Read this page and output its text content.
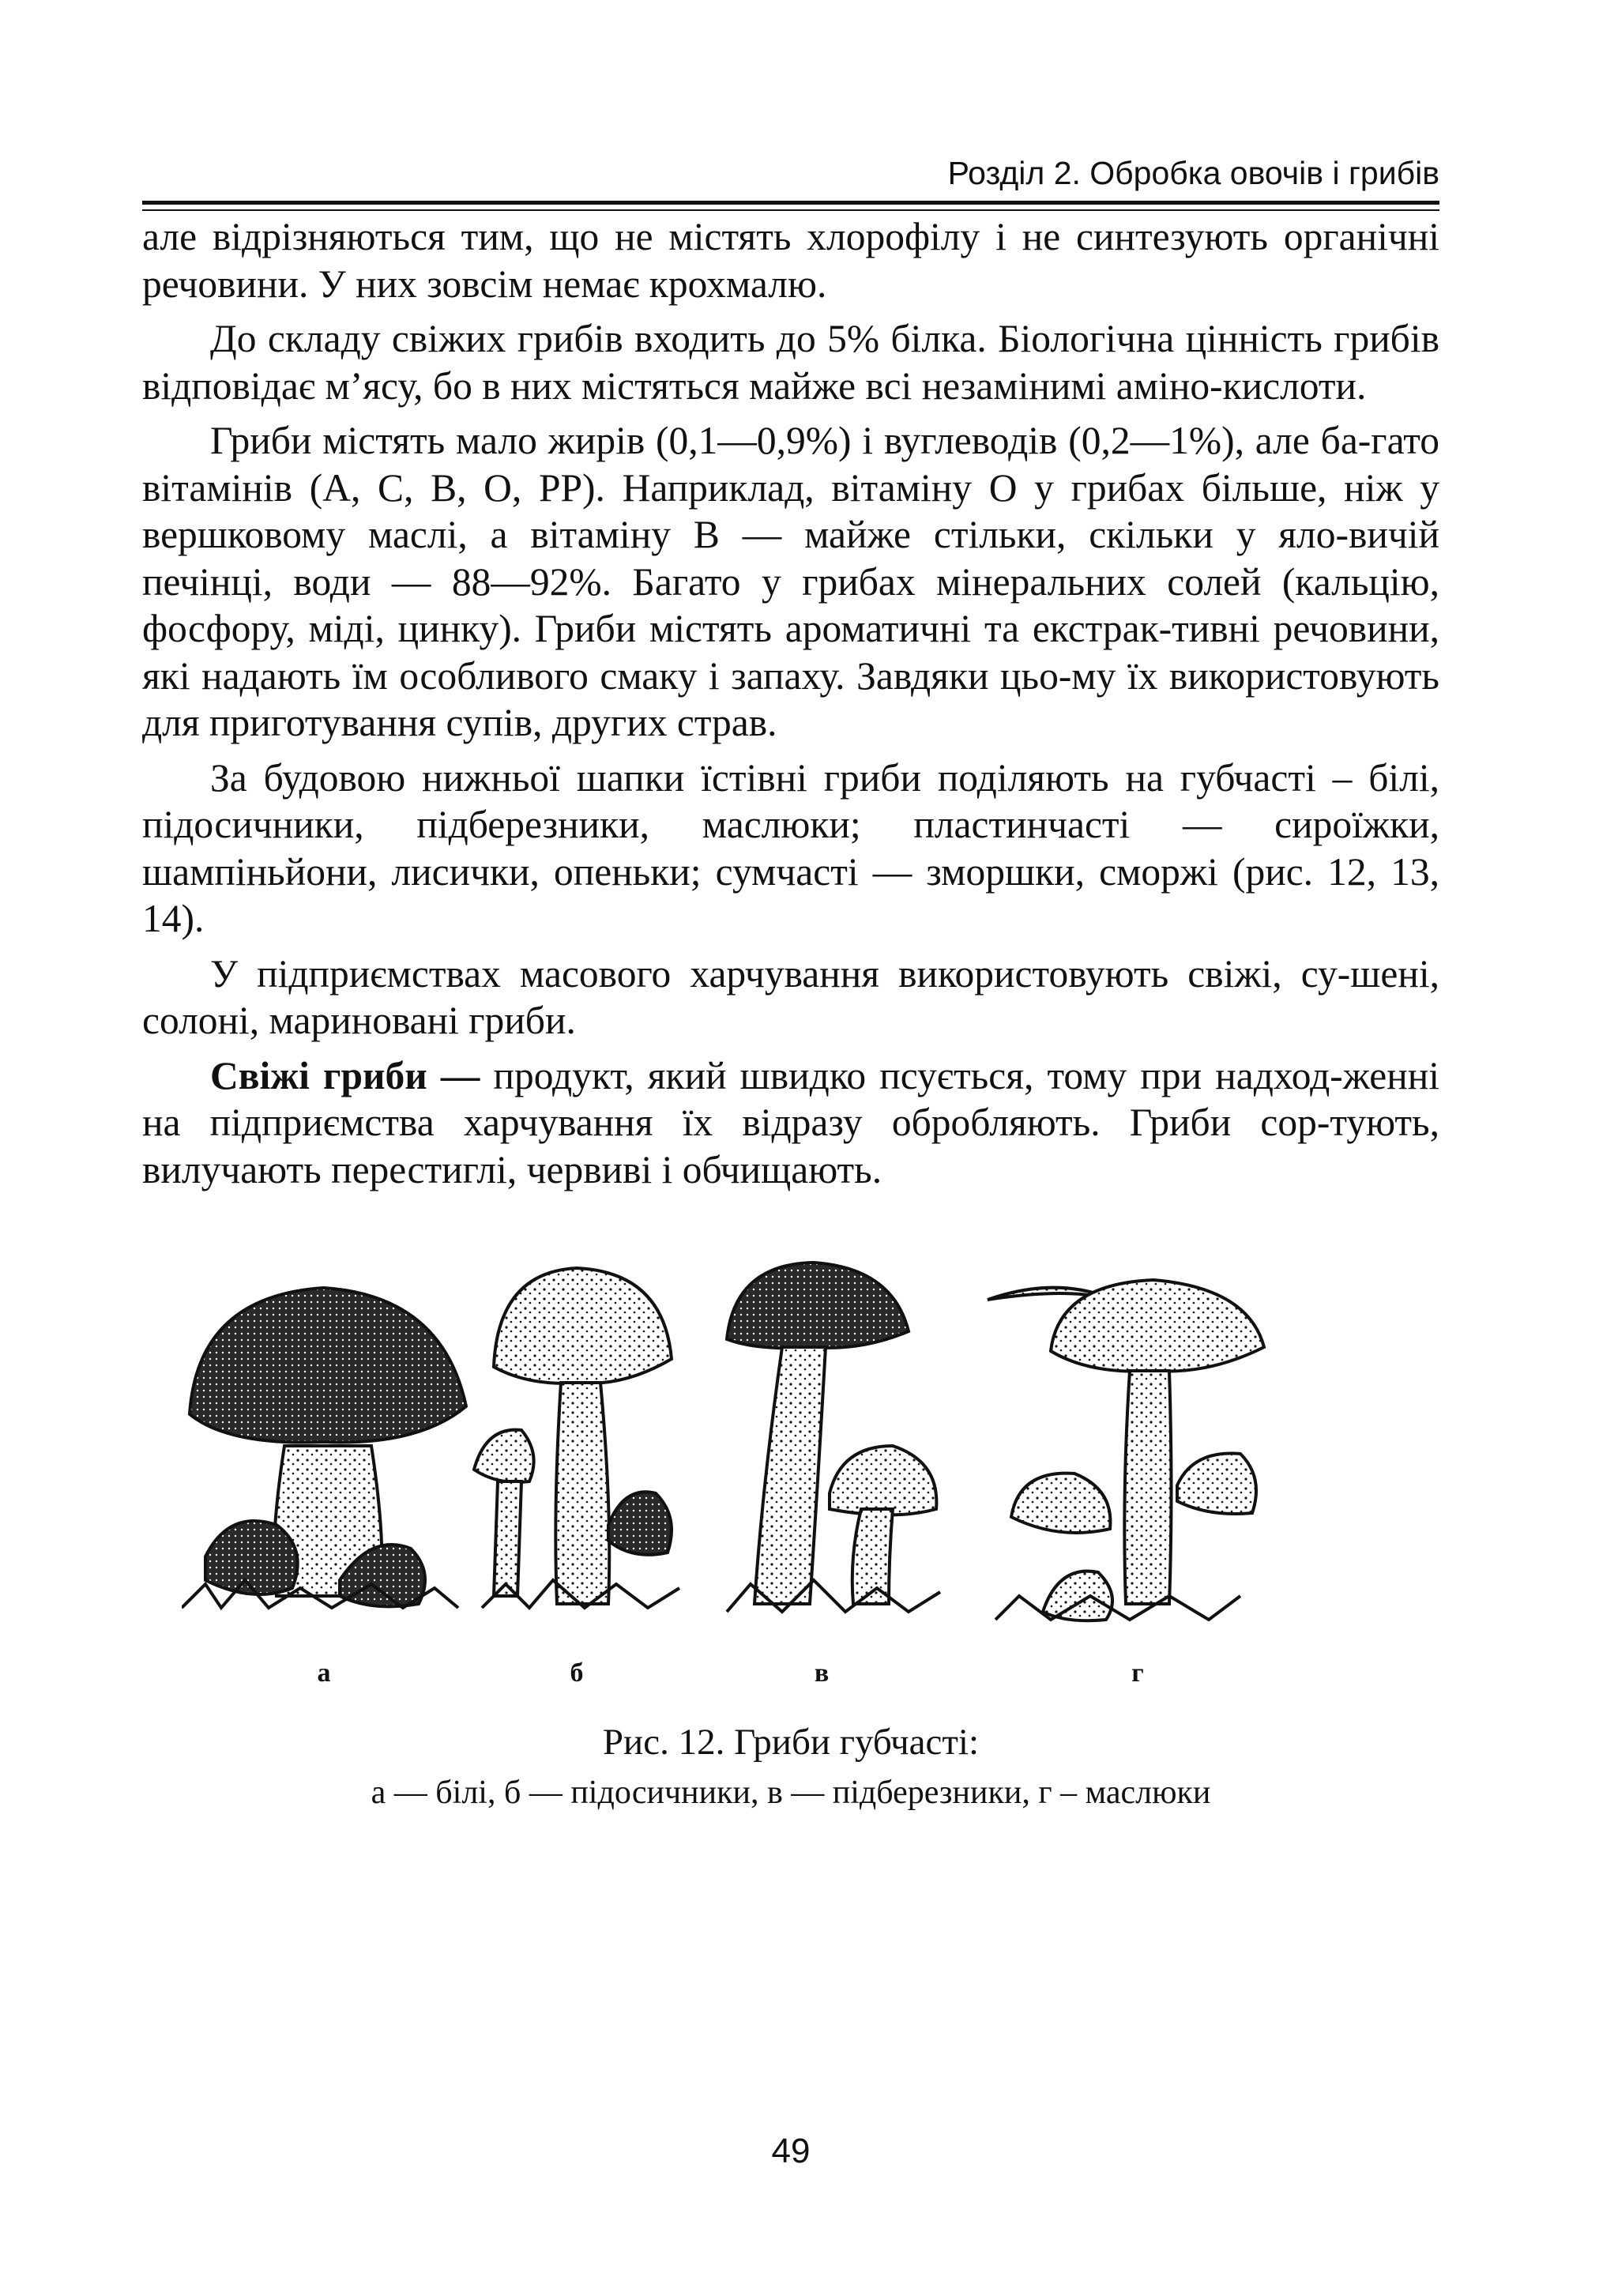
Розділ 2. Обробка овочів і грибів

але відрізняються тим, що не містять хлорофілу і не синтезують органічні речовини. У них зовсім немає крохмалю.

До складу свіжих грибів входить до 5% білка. Біологічна цінність грибів відповідає м’ясу, бо в них містяться майже всі незамінимі аміно-кислоти.

Гриби містять мало жирів (0,1—0,9%) і вуглеводів (0,2—1%), але ба-гато вітамінів (А, С, В, О, РР). Наприклад, вітаміну О у грибах більше, ніж у вершковому маслі, а вітаміну В — майже стільки, скільки у яло-вичій печінці, води — 88—92%. Багато у грибах мінеральних солей (кальцію, фосфору, міді, цинку). Гриби містять ароматичні та екстрак-тивні речовини, які надають їм особливого смаку і запаху. Завдяки цьо-му їх використовують для приготування супів, других страв.

За будовою нижньої шапки їстівні гриби поділяють на губчасті – білі, підосичники, підберезники, маслюки; пластинчасті — сироїжки, шампіньйони, лисички, опеньки; сумчасті — зморшки, сморжі (рис. 12, 13, 14).

У підприємствах масового харчування використовують свіжі, су-шені, солоні, мариновані гриби.

Свіжі гриби — продукт, який швидко псується, тому при надход-женні на підприємства харчування їх відразу обробляють. Гриби сор-тують, вилучають перестиглі, червиві і обчищають.

а	б	в	г
Рис. 12. Гриби губчасті:
а — білі, б — підосичники, в — підберезники, г – маслюки
49
